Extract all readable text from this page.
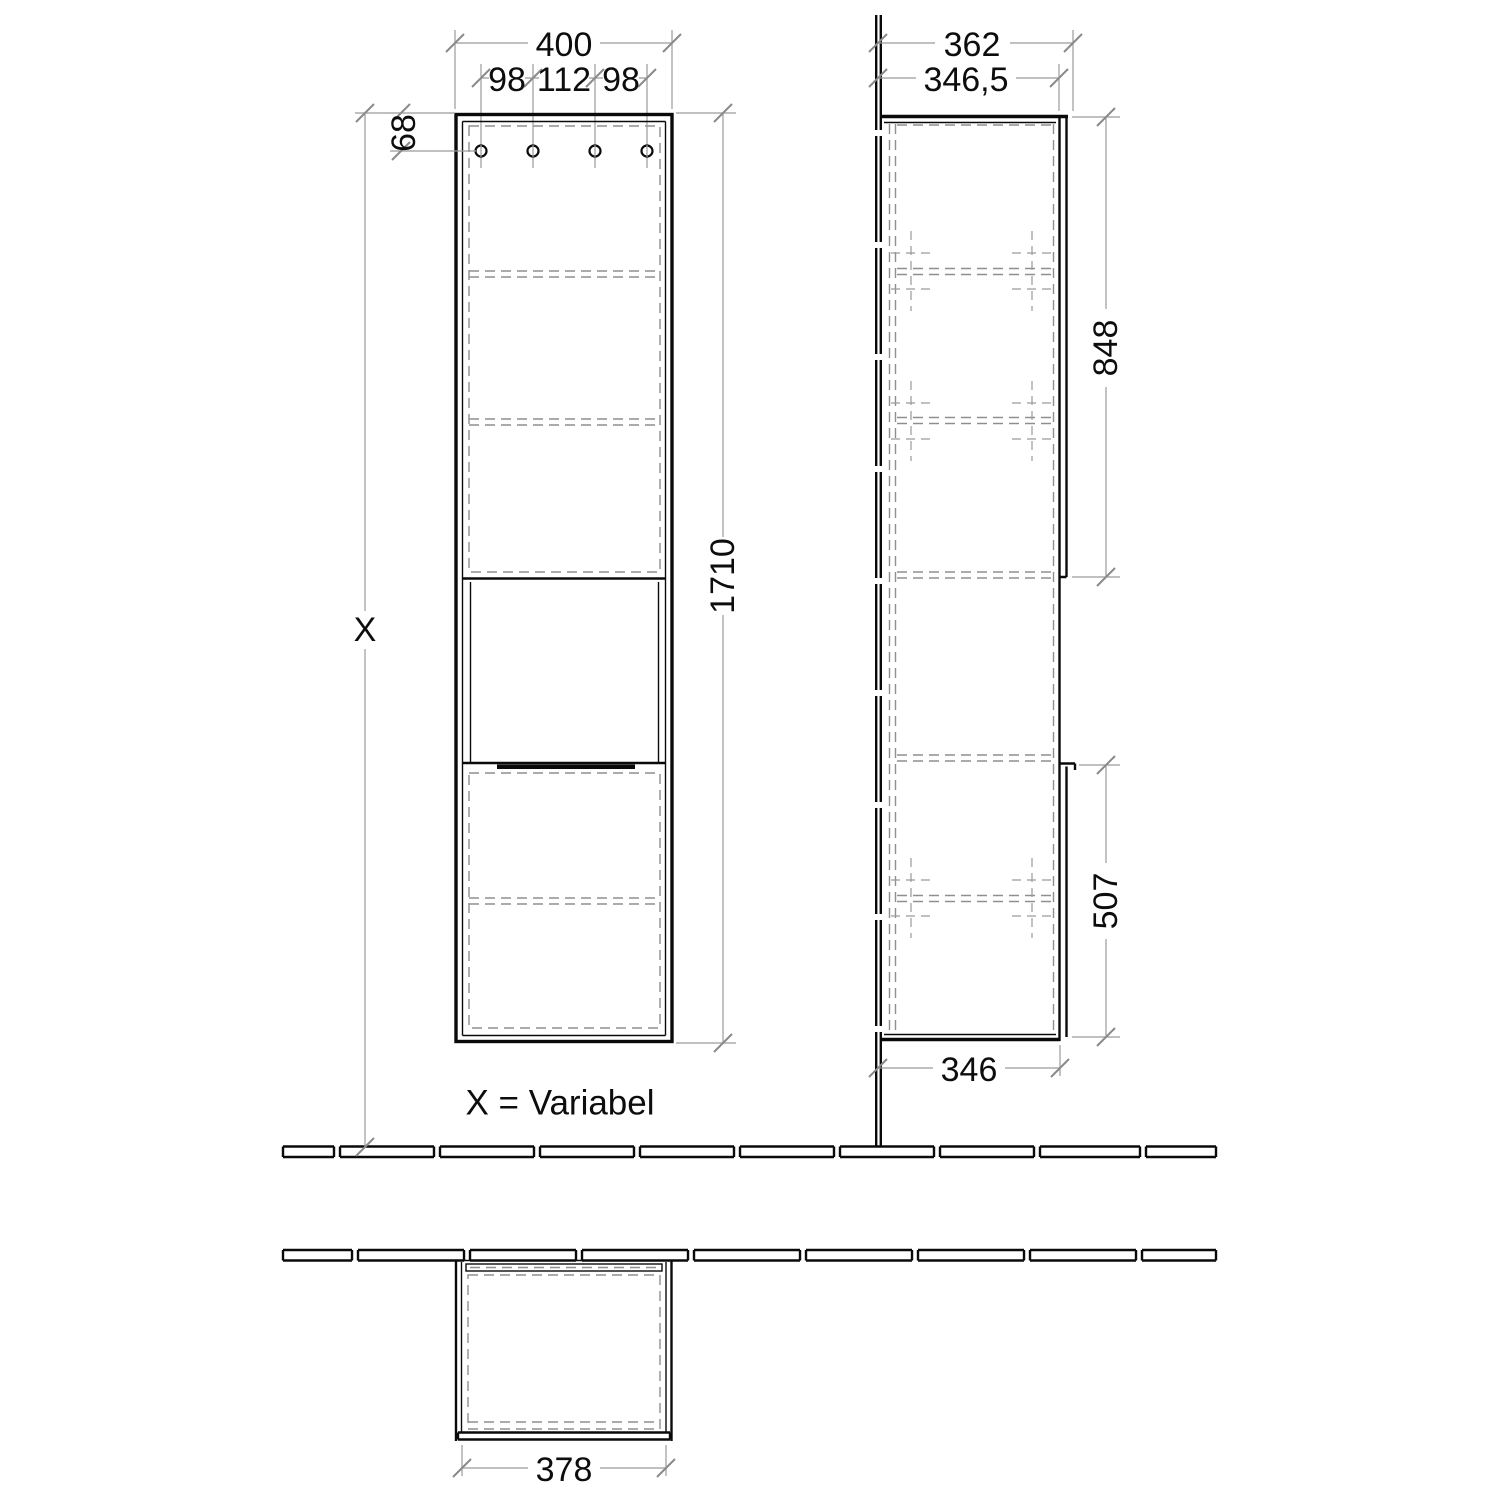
400
98 112 98
68
X
1710
X = Variabel
362
346,5
848
507
346
378
